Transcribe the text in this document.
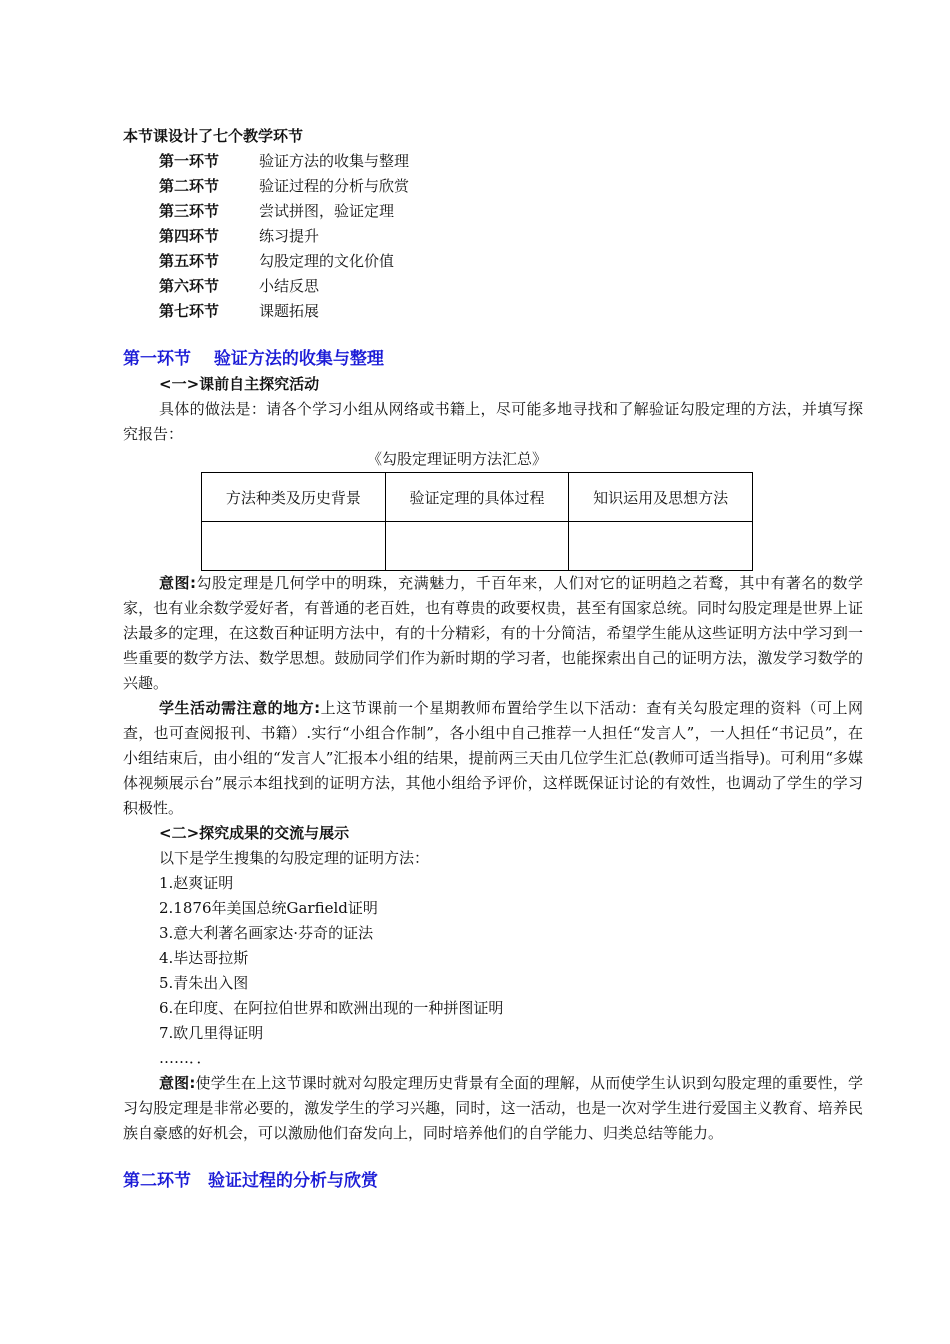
本节课设计了七个教学环节
第一环节	验证方法的收集与整理
第二环节	验证过程的分析与欣赏
第三环节	尝试拼图，验证定理
第四环节	练习提升
第五环节	勾股定理的文化价值
第六环节	小结反思
第七环节	课题拓展
第一环节　 验证方法的收集与整理
<一>课前自主探究活动
具体的做法是：请各个学习小组从网络或书籍上，尽可能多地寻找和了解验证勾股定理的方法，并填写探究报告：
《勾股定理证明方法汇总》
方法种类及历史背景	验证定理的具体过程	知识运用及思想方法

意图:勾股定理是几何学中的明珠，充满魅力，千百年来，人们对它的证明趋之若鹜，其中有著名的数学家，也有业余数学爱好者，有普通的老百姓，也有尊贵的政要权贵，甚至有国家总统。同时勾股定理是世界上证法最多的定理，在这数百种证明方法中，有的十分精彩，有的十分简洁，希望学生能从这些证明方法中学习到一些重要的数学方法、数学思想。鼓励同学们作为新时期的学习者，也能探索出自己的证明方法，激发学习数学的兴趣。
学生活动需注意的地方:上这节课前一个星期教师布置给学生以下活动：查有关勾股定理的资料（可上网查，也可查阅报刊、书籍）.实行“小组合作制”，各小组中自己推荐一人担任“发言人”，一人担任“书记员”，在小组结束后，由小组的“发言人”汇报本小组的结果，提前两三天由几位学生汇总(教师可适当指导)。可利用“多媒体视频展示台”展示本组找到的证明方法，其他小组给予评价，这样既保证讨论的有效性，也调动了学生的学习积极性。
<二>探究成果的交流与展示
以下是学生搜集的勾股定理的证明方法：
1.赵爽证明
2.1876年美国总统Garfield证明
3.意大利著名画家达·芬奇的证法
4.毕达哥拉斯
5.青朱出入图
6.在印度、在阿拉伯世界和欧洲出现的一种拼图证明
7.欧几里得证明
……．．
意图:使学生在上这节课时就对勾股定理历史背景有全面的理解，从而使学生认识到勾股定理的重要性，学习勾股定理是非常必要的，激发学生的学习兴趣，同时，这一活动，也是一次对学生进行爱国主义教育、培养民族自豪感的好机会，可以激励他们奋发向上，同时培养他们的自学能力、归类总结等能力。
第二环节　验证过程的分析与欣赏
